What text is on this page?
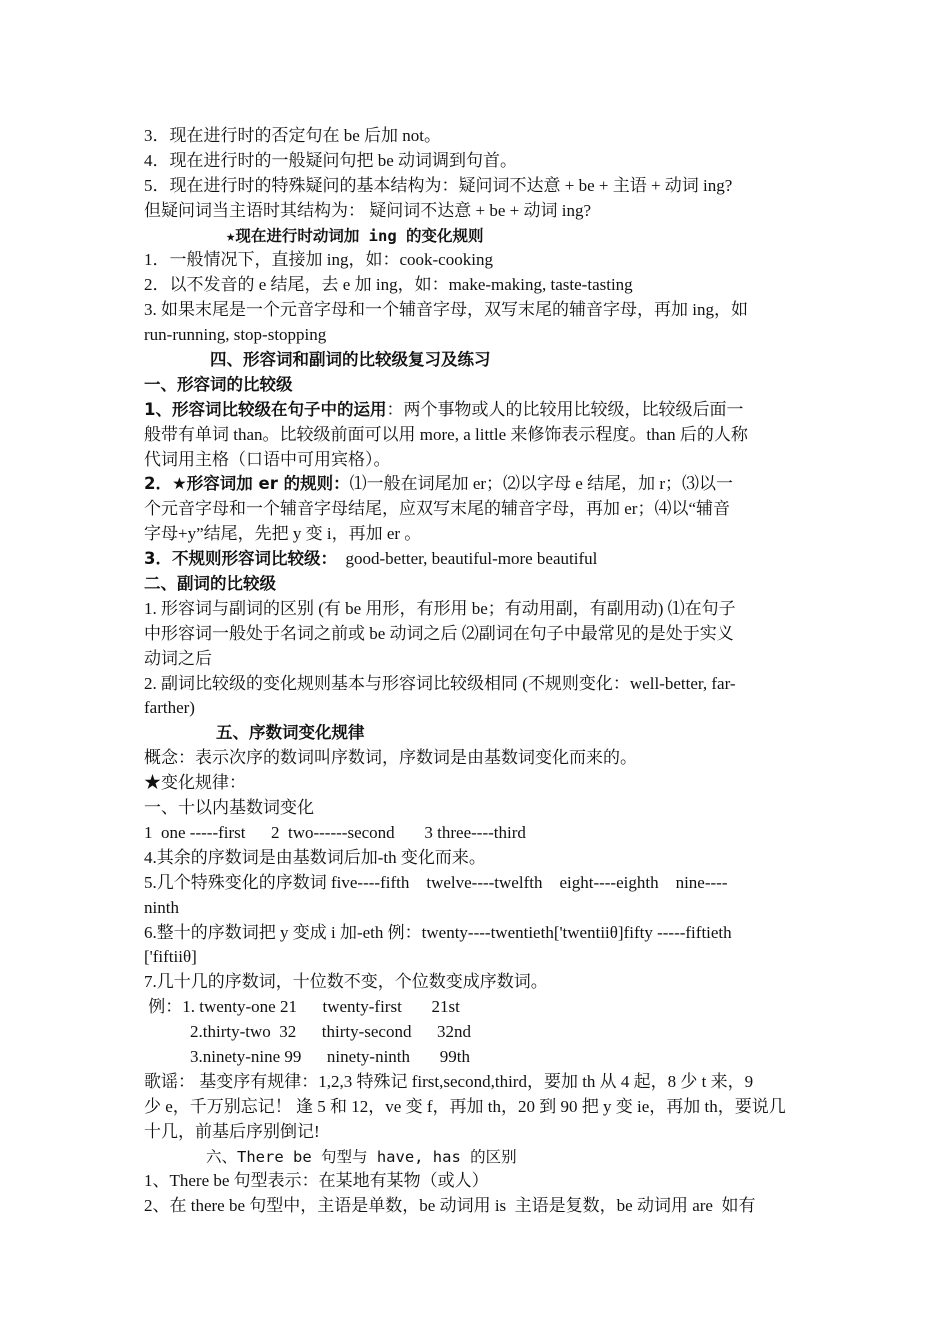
3．现在进行时的否定句在 be 后加 not。
4．现在进行时的一般疑问句把 be 动词调到句首。
5．现在进行时的特殊疑问的基本结构为：疑问词不达意 + be + 主语 + 动词 ing?
但疑问词当主语时其结构为： 疑问词不达意 + be + 动词 ing?
★现在进行时动词加 ing 的变化规则
1．一般情况下，直接加 ing，如：cook-cooking
2．以不发音的 e 结尾，去 e 加 ing，如：make-making, taste-tasting
3. 如果末尾是一个元音字母和一个辅音字母，双写末尾的辅音字母，再加 ing，如
run-running, stop-stopping
四、形容词和副词的比较级复习及练习
一、形容词的比较级
1、形容词比较级在句子中的运用：两个事物或人的比较用比较级，比较级后面一
般带有单词 than。比较级前面可以用 more, a little 来修饰表示程度。than 后的人称
代词用主格（口语中可用宾格）。
2．★形容词加 er 的规则：⑴一般在词尾加 er；⑵以字母 e 结尾，加 r；⑶以一
个元音字母和一个辅音字母结尾，应双写末尾的辅音字母，再加 er；⑷以“辅音
字母+y”结尾，先把 y 变 i，再加 er 。
3．不规则形容词比较级：  good-better, beautiful-more beautiful
二、副词的比较级
1. 形容词与副词的区别 (有 be 用形，有形用 be；有动用副，有副用动) ⑴在句子
中形容词一般处于名词之前或 be 动词之后 ⑵副词在句子中最常见的是处于实义
动词之后
2. 副词比较级的变化规则基本与形容词比较级相同 (不规则变化：well-better, far-
farther)
五、序数词变化规律
概念：表示次序的数词叫序数词，序数词是由基数词变化而来的。
★变化规律：
一、十以内基数词变化
1  one -----first      2  two------second       3 three----third
4.其余的序数词是由基数词后加-th 变化而来。
5.几个特殊变化的序数词 five----fifth    twelve----twelfth    eight----eighth    nine----
ninth
6.整十的序数词把 y 变成 i 加-eth 例：twenty----twentieth['twentiiθ]fifty -----fiftieth
['fiftiiθ]
7.几十几的序数词，十位数不变，个位数变成序数词。
例：1. twenty-one 21      twenty-first       21st
2.thirty-two  32      thirty-second      32nd
3.ninety-nine 99      ninety-ninth       99th
歌谣： 基变序有规律：1,2,3 特殊记 first,second,third，要加 th 从 4 起，8 少 t 来，9
少 e，千万别忘记！ 逢 5 和 12，ve 变 f，再加 th，20 到 90 把 y 变 ie，再加 th，要说几
十几，前基后序别倒记!
六、There be 句型与 have, has 的区别
1、There be 句型表示：在某地有某物（或人）
2、在 there be 句型中，主语是单数，be 动词用 is  主语是复数，be 动词用 are  如有
